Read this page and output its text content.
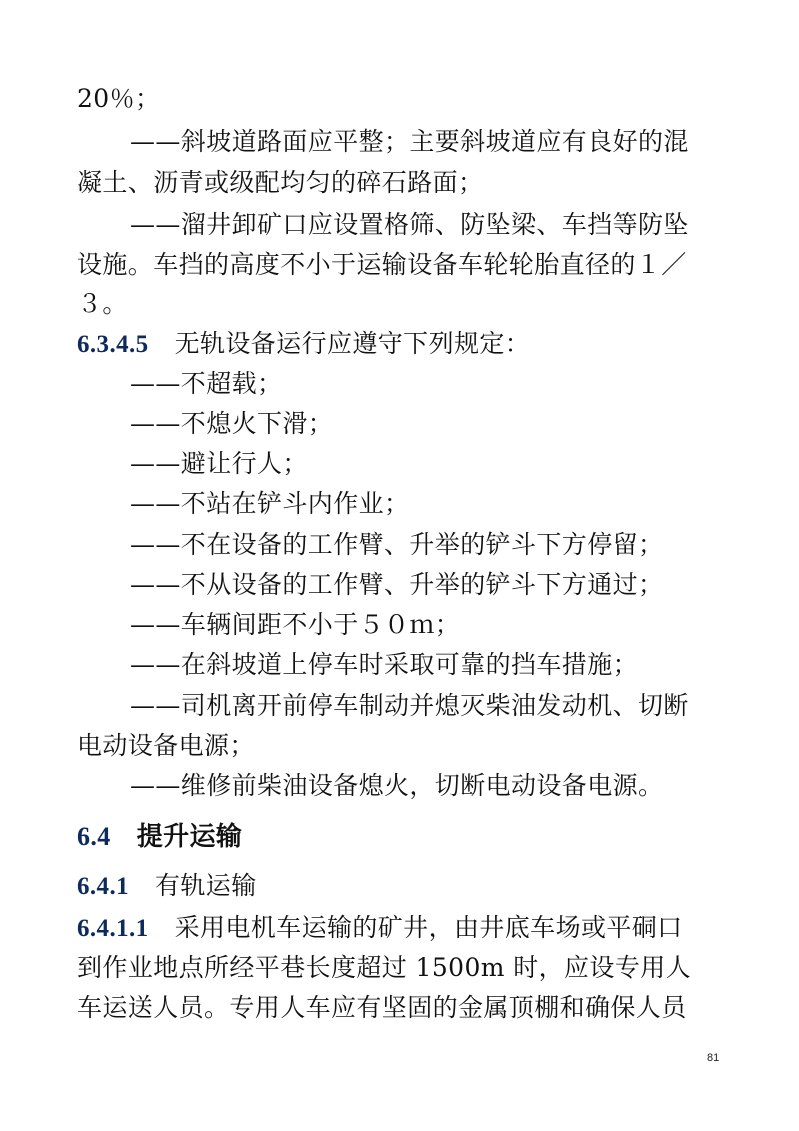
20％；
——斜坡道路面应平整；主要斜坡道应有良好的混
凝土、沥青或级配均匀的碎石路面；
——溜井卸矿口应设置格筛、防坠梁、车挡等防坠
设施。车挡的高度不小于运输设备车轮轮胎直径的１／
３。
6.3.4.5 无轨设备运行应遵守下列规定：
——不超载；
——不熄火下滑；
——避让行人；
——不站在铲斗内作业；
——不在设备的工作臂、升举的铲斗下方停留；
——不从设备的工作臂、升举的铲斗下方通过；
——车辆间距不小于５０ｍ；
——在斜坡道上停车时采取可靠的挡车措施；
——司机离开前停车制动并熄灭柴油发动机、切断
电动设备电源；
——维修前柴油设备熄火，切断电动设备电源。
6.4 提升运输
6.4.1 有轨运输
6.4.1.1 采用电机车运输的矿井，由井底车场或平硐口
到作业地点所经平巷长度超过 1500m 时，应设专用人
车运送人员。专用人车应有坚固的金属顶棚和确保人员
81
